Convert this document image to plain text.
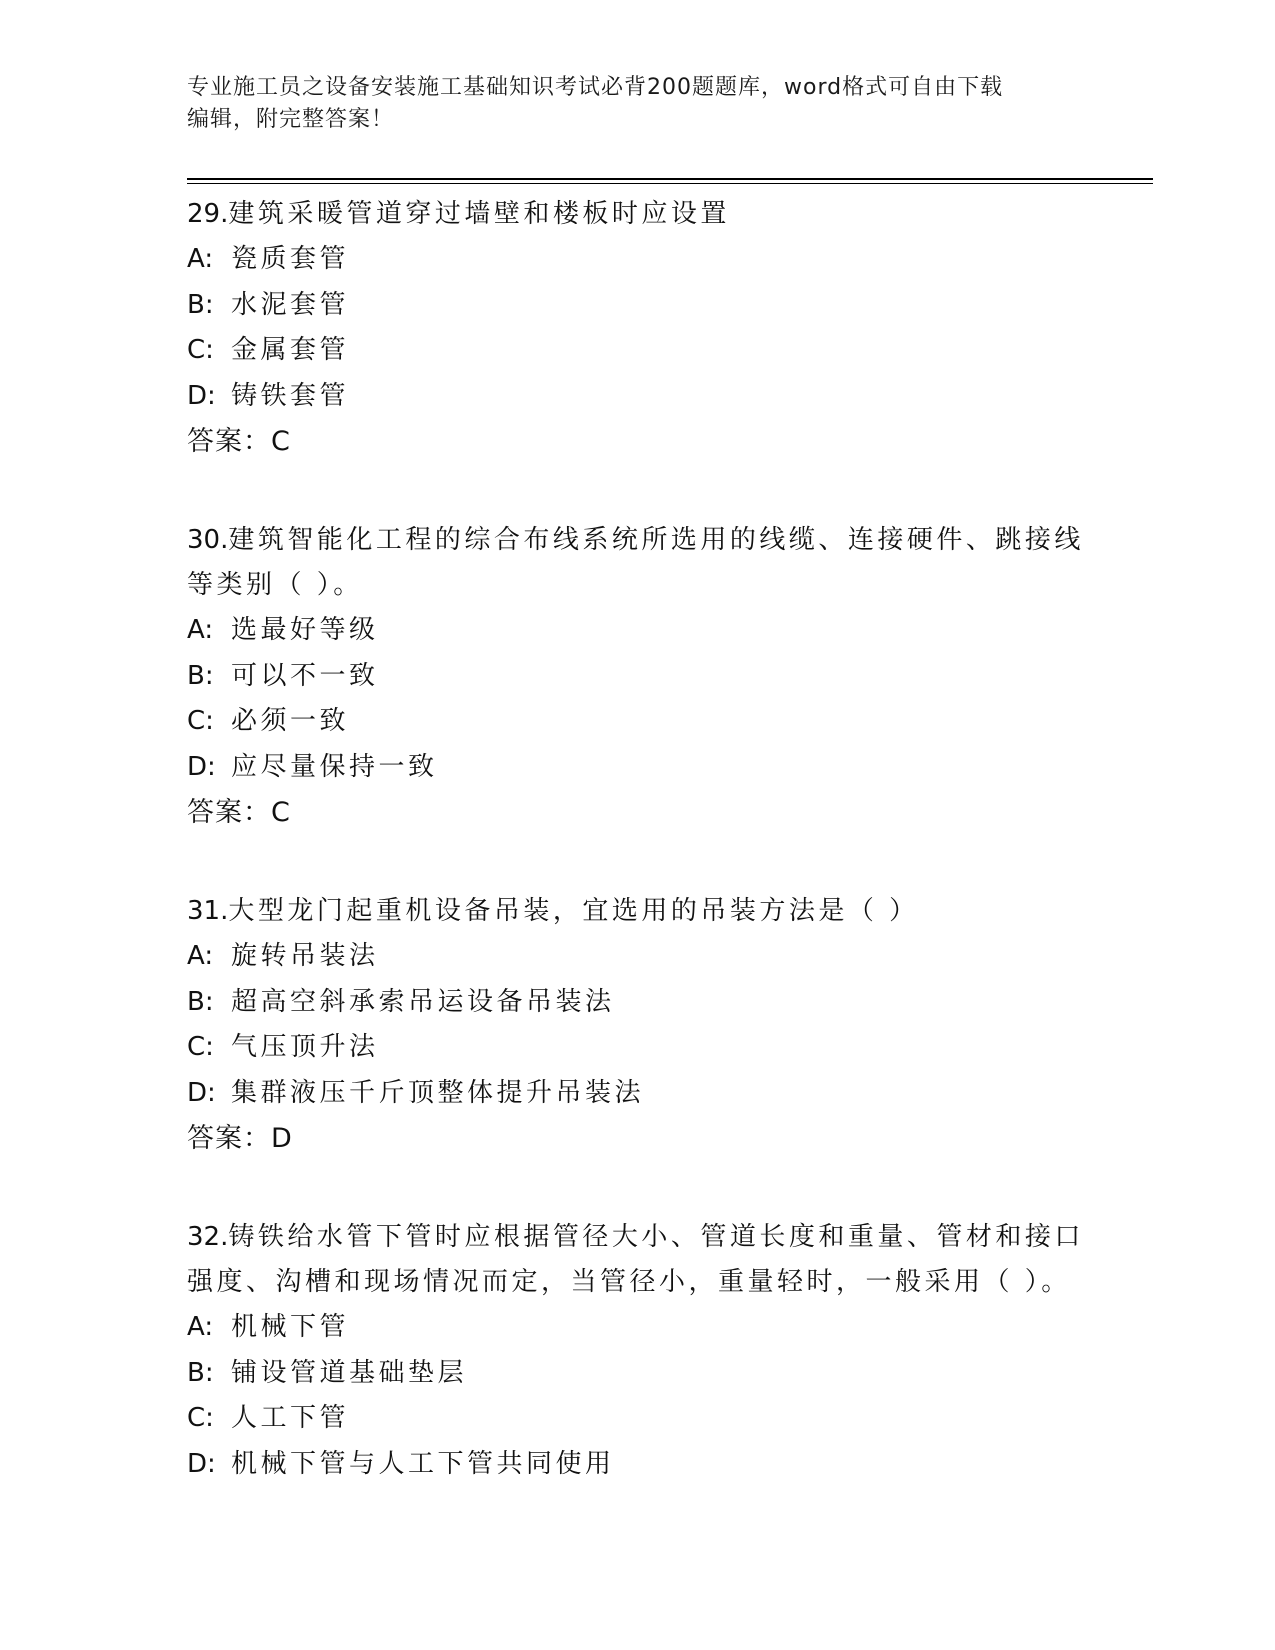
专业施工员之设备安装施工基础知识考试必背200题题库，word格式可自由下载
编辑，附完整答案！
29.建筑采暖管道穿过墙壁和楼板时应设置
A: 瓷质套管
B: 水泥套管
C: 金属套管
D: 铸铁套管
答案：C
30.建筑智能化工程的综合布线系统所选用的线缆、连接硬件、跳接线等类别（ ）。
A: 选最好等级
B: 可以不一致
C: 必须一致
D: 应尽量保持一致
答案：C
31.大型龙门起重机设备吊装，宜选用的吊装方法是（ ）
A: 旋转吊装法
B: 超高空斜承索吊运设备吊装法
C: 气压顶升法
D: 集群液压千斤顶整体提升吊装法
答案：D
32.铸铁给水管下管时应根据管径大小、管道长度和重量、管材和接口强度、沟槽和现场情况而定，当管径小，重量轻时，一般采用（ ）。
A: 机械下管
B: 铺设管道基础垫层
C: 人工下管
D: 机械下管与人工下管共同使用
